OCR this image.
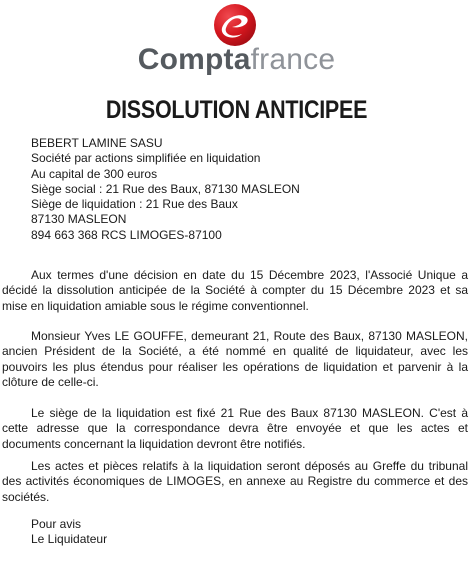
Comptafrance
DISSOLUTION ANTICIPEE
BEBERT LAMINE SASU
Société par actions simplifiée en liquidation
Au capital de 300 euros
Siège social : 21 Rue des Baux, 87130 MASLEON
Siège de liquidation : 21 Rue des Baux
87130 MASLEON
894 663 368 RCS LIMOGES-87100
Aux termes d'une décision en date du 15 Décembre 2023, l'Associé Unique a décidé la dissolution anticipée de la Société à compter du 15 Décembre 2023 et sa mise en liquidation amiable sous le régime conventionnel.
Monsieur Yves LE GOUFFE, demeurant 21, Route des Baux, 87130 MASLEON, ancien Président de la Société, a été nommé en qualité de liquidateur, avec les pouvoirs les plus étendus pour réaliser les opérations de liquidation et parvenir à la clôture de celle-ci.
Le siège de la liquidation est fixé 21 Rue des Baux 87130 MASLEON. C'est à cette adresse que la correspondance devra être envoyée et que les actes et documents concernant la liquidation devront être notifiés.
Les actes et pièces relatifs à la liquidation seront déposés au Greffe du tribunal des activités économiques de LIMOGES, en annexe au Registre du commerce et des sociétés.
Pour avis
Le Liquidateur
